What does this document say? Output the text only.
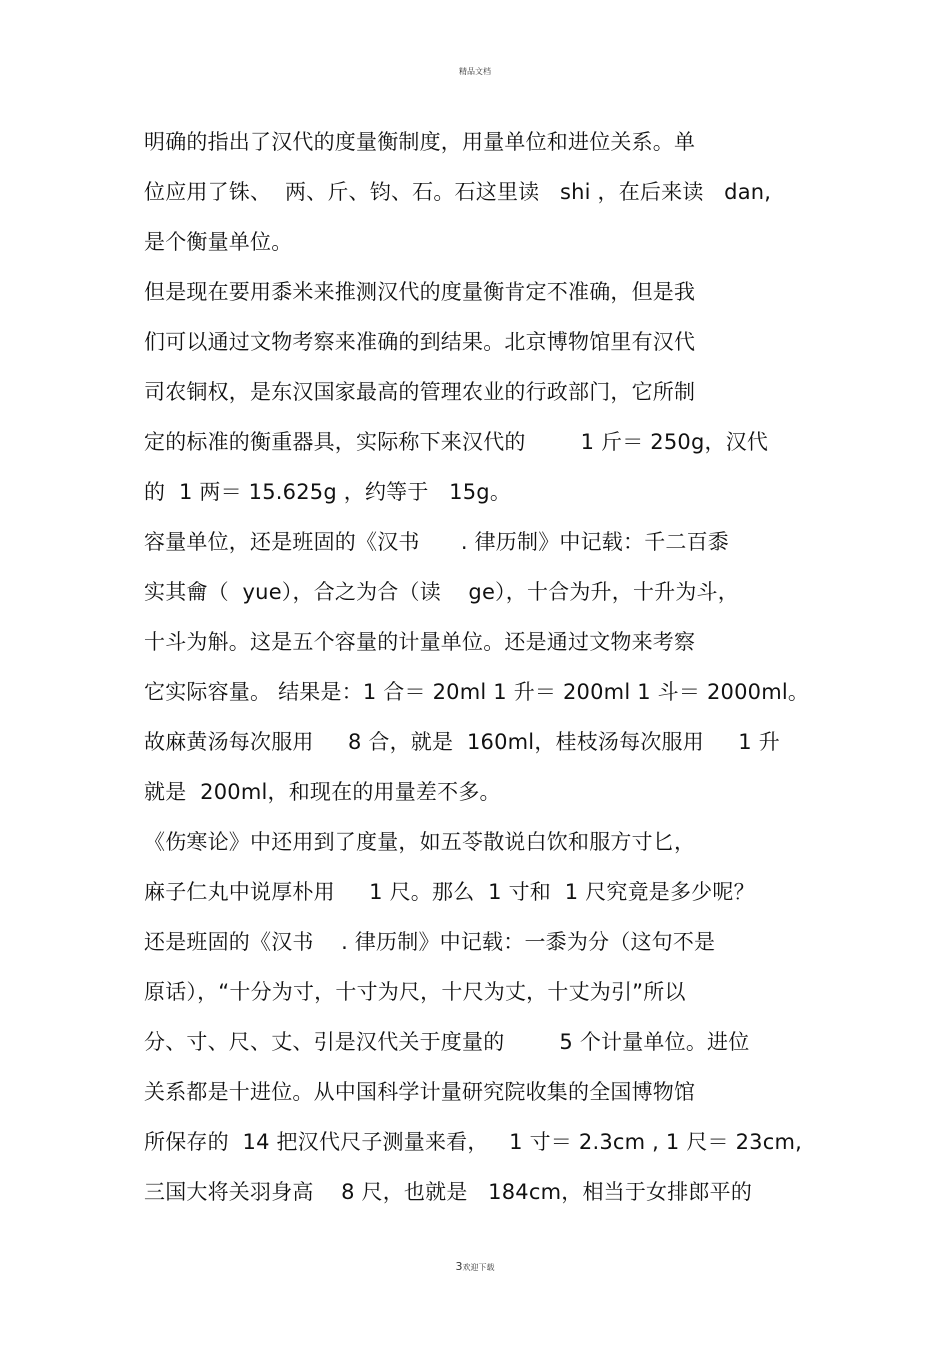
精品文档
明确的指出了汉代的度量衡制度，用量单位和进位关系。单
位应用了铢、  两、斤、钧、石。石这里读   shi ，在后来读   dan,
是个衡量单位。
但是现在要用黍米来推测汉代的度量衡肯定不准确，但是我
们可以通过文物考察来准确的到结果。北京博物馆里有汉代
司农铜权，是东汉国家最高的管理农业的行政部门，它所制
定的标准的衡重器具，实际称下来汉代的        1 斤＝ 250g，汉代
的  1 两＝ 15.625g ，约等于   15g。
容量单位，还是班固的《汉书      . 律历制》中记载：千二百黍
实其龠（  yue），合之为合（读    ge），十合为升，十升为斗，
十斗为斛。这是五个容量的计量单位。还是通过文物来考察
它实际容量。 结果是：1 合＝ 20ml 1 升＝ 200ml 1 斗＝ 2000ml。
故麻黄汤每次服用     8 合，就是  160ml，桂枝汤每次服用     1 升
就是  200ml，和现在的用量差不多。
《伤寒论》中还用到了度量，如五苓散说白饮和服方寸匕，
麻子仁丸中说厚朴用     1 尺。那么  1 寸和  1 尺究竟是多少呢？
还是班固的《汉书    . 律历制》中记载：一黍为分（这句不是
原话），“十分为寸，十寸为尺，十尺为丈，十丈为引”所以
分、寸、尺、丈、引是汉代关于度量的        5 个计量单位。进位
关系都是十进位。从中国科学计量研究院收集的全国博物馆
所保存的  14 把汉代尺子测量来看，   1 寸＝ 2.3cm , 1 尺＝ 23cm,
三国大将关羽身高    8 尺，也就是   184cm，相当于女排郎平的
3欢迎下载
